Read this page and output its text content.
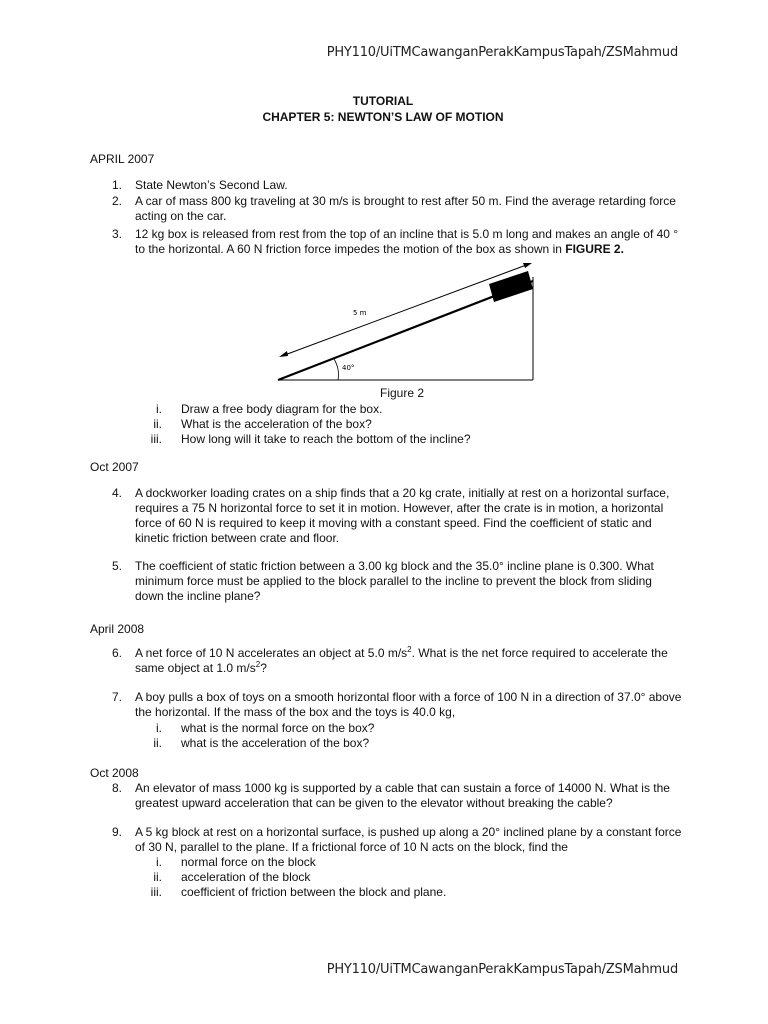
PHY110/UiTMCawanganPerakKampusTapah/ZSMahmud
TUTORIAL
CHAPTER 5: NEWTON’S LAW OF MOTION
APRIL 2007
1. State Newton’s Second Law.
2. A car of mass 800 kg traveling at 30 m/s is brought to rest after 50 m. Find the average retarding force acting on the car.
3. 12 kg box is released from rest from the top of an incline that is 5.0 m long and makes an angle of 40 ° to the horizontal. A 60 N friction force impedes the motion of the box as shown in FIGURE 2.
5 m
40°
Figure 2
i. Draw a free body diagram for the box.
ii. What is the acceleration of the box?
iii. How long will it take to reach the bottom of the incline?
Oct 2007
4. A dockworker loading crates on a ship finds that a 20 kg crate, initially at rest on a horizontal surface, requires a 75 N horizontal force to set it in motion. However, after the crate is in motion, a horizontal force of 60 N is required to keep it moving with a constant speed. Find the coefficient of static and kinetic friction between crate and floor.
5. The coefficient of static friction between a 3.00 kg block and the 35.0° incline plane is 0.300. What minimum force must be applied to the block parallel to the incline to prevent the block from sliding down the incline plane?
April 2008
6. A net force of 10 N accelerates an object at 5.0 $m/s^2$. What is the net force required to accelerate the same object at 1.0 $m/s^2$?
7. A boy pulls a box of toys on a smooth horizontal floor with a force of 100 N in a direction of 37.0° above the horizontal. If the mass of the box and the toys is 40.0 kg,
i. what is the normal force on the box?
ii. what is the acceleration of the box?
Oct 2008
8. An elevator of mass 1000 kg is supported by a cable that can sustain a force of 14000 N. What is the greatest upward acceleration that can be given to the elevator without breaking the cable?
9. A 5 kg block at rest on a horizontal surface, is pushed up along a 20° inclined plane by a constant force of 30 N, parallel to the plane. If a frictional force of 10 N acts on the block, find the
i. normal force on the block
ii. acceleration of the block
iii. coefficient of friction between the block and plane.
PHY110/UiTMCawanganPerakKampusTapah/ZSMahmud
